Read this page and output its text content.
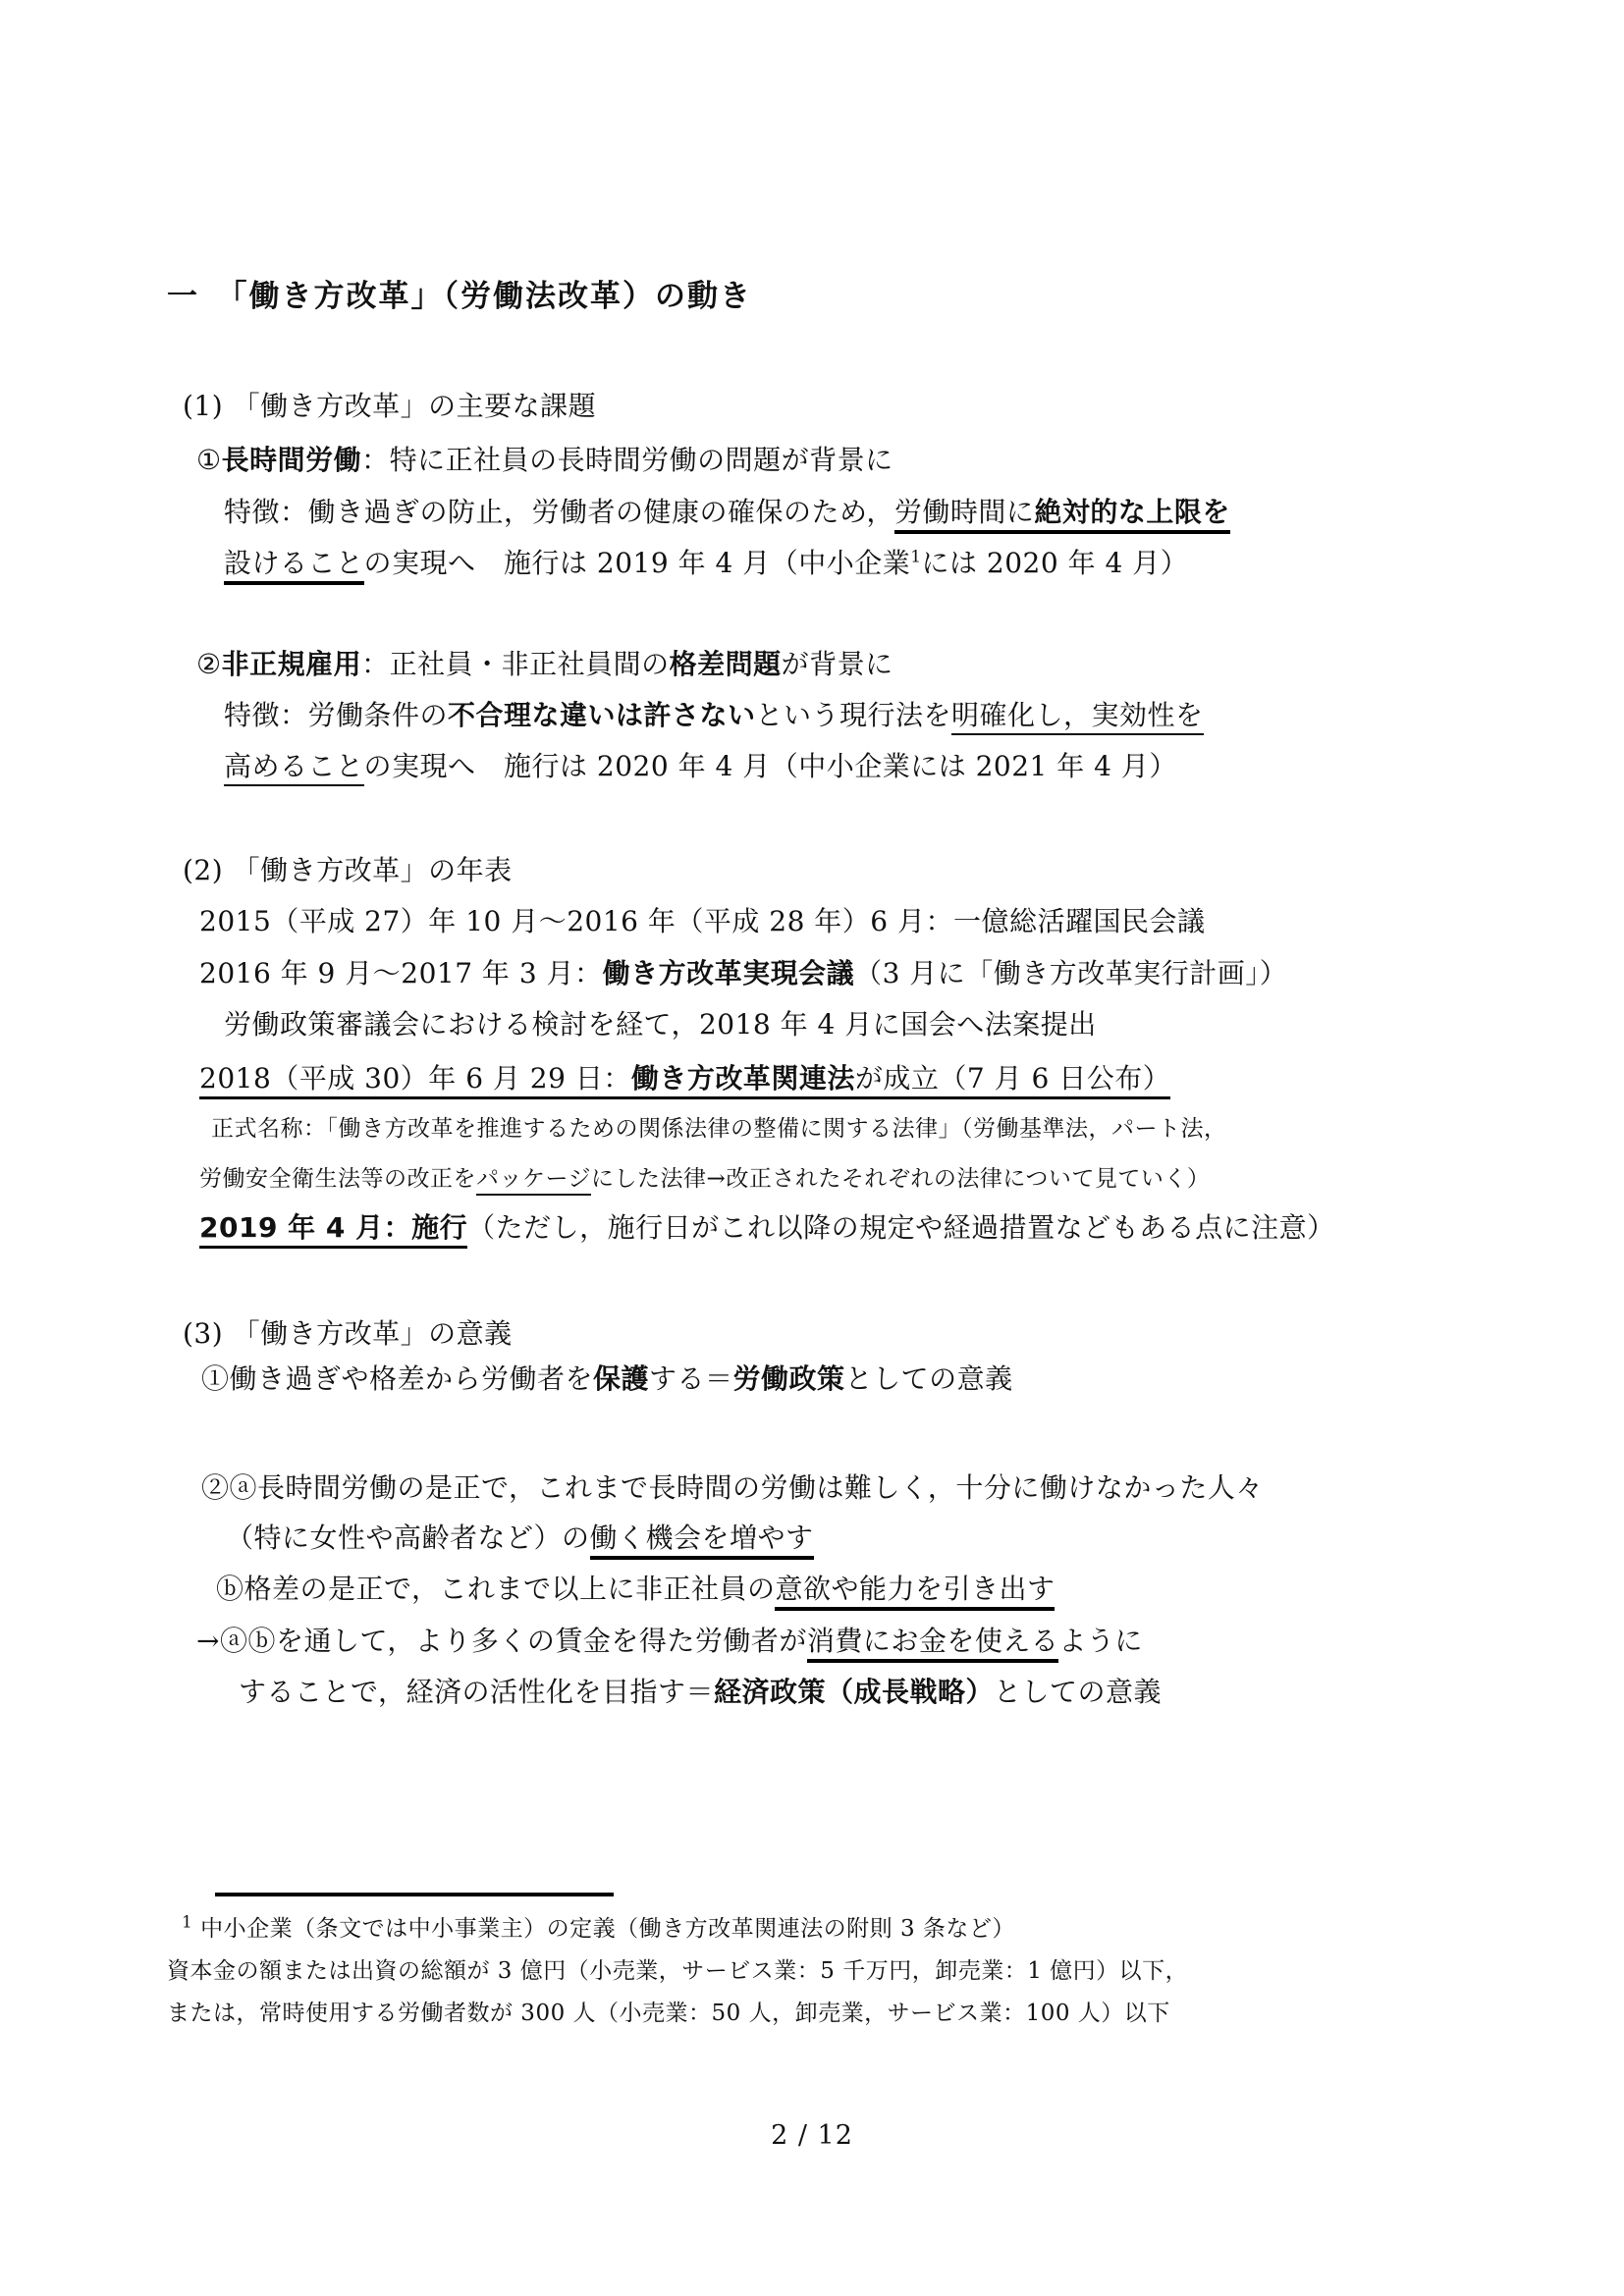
一　「働き方改革」（労働法改革）の動き
(1) 「働き方改革」の主要な課題
①長時間労働：特に正社員の長時間労働の問題が背景に
特徴：働き過ぎの防止，労働者の健康の確保のため，労働時間に絶対的な上限を
設けることの実現へ　施行は 2019 年 4 月（中小企業$^1$には 2020 年 4 月）
②非正規雇用：正社員・非正社員間の格差問題が背景に
特徴：労働条件の不合理な違いは許さないという現行法を明確化し，実効性を
高めることの実現へ　施行は 2020 年 4 月（中小企業には 2021 年 4 月）
(2) 「働き方改革」の年表
2015（平成 27）年 10 月～2016 年（平成 28 年）6 月：一億総活躍国民会議
2016 年 9 月～2017 年 3 月：働き方改革実現会議（3 月に「働き方改革実行計画」）
労働政策審議会における検討を経て，2018 年 4 月に国会へ法案提出
2018（平成 30）年 6 月 29 日：働き方改革関連法が成立（7 月 6 日公布）
正式名称：「働き方改革を推進するための関係法律の整備に関する法律」（労働基準法，パート法，
労働安全衛生法等の改正をパッケージにした法律→改正されたそれぞれの法律について見ていく）
2019 年 4 月：施行（ただし，施行日がこれ以降の規定や経過措置などもある点に注意）
(3) 「働き方改革」の意義
①働き過ぎや格差から労働者を保護する＝労働政策としての意義
②ⓐ長時間労働の是正で，これまで長時間の労働は難しく，十分に働けなかった人々
（特に女性や高齢者など）の働く機会を増やす
ⓑ格差の是正で，これまで以上に非正社員の意欲や能力を引き出す
→ⓐⓑを通して，より多くの賃金を得た労働者が消費にお金を使えるように
することで，経済の活性化を目指す＝経済政策（成長戦略）としての意義
$^1$ 中小企業（条文では中小事業主）の定義（働き方改革関連法の附則 3 条など）
資本金の額または出資の総額が 3 億円（小売業，サービス業：5 千万円，卸売業：1 億円）以下，
または，常時使用する労働者数が 300 人（小売業：50 人，卸売業，サービス業：100 人）以下
2 / 12
